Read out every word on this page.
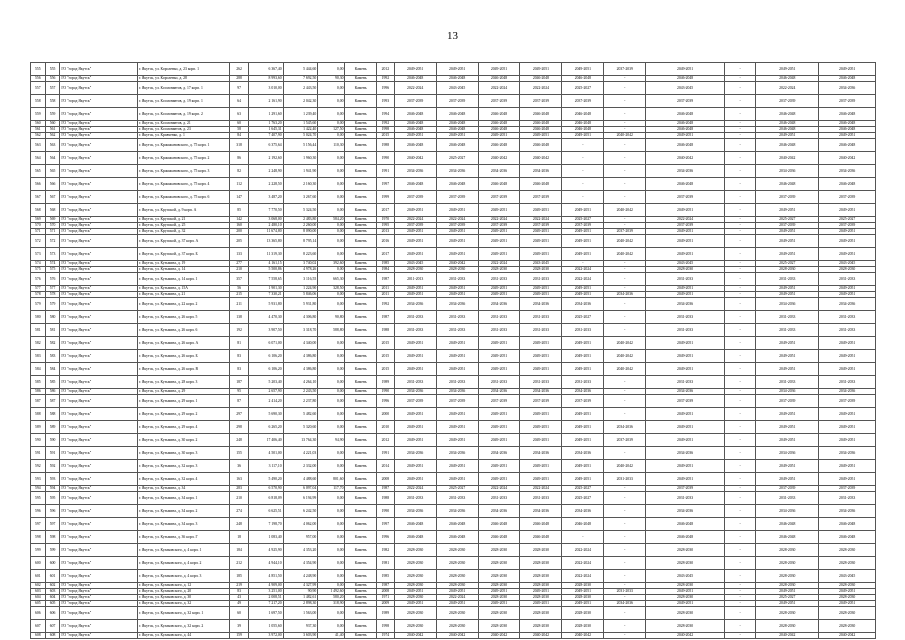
13
555	555	ГО "город Якутск"	г. Якутск, ул. Короленко, д. 23 корп. 1	262	6 367,40	5 444,60	0,00	Камень	2012	2049-2051	2049-2051	2049-2051	2049-2051	2049-2051	2037-2039	2049-2051	-	2049-2051	2049-2051
556	556	ГО "город Якутск"	г. Якутск, ул. Короленко, д. 28	288	8 993,60	7 692,50	90,30	Камень	1992	2046-2048	2046-2048	2046-2048	2046-2048	2046-2048	-	2046-2048	-	2046-2048	2046-2048
557	557	ГО "город Якутск"	г. Якутск, ул. Космонавтов, д. 17 корп. 1	97	3 010,00	2 443,50	0,00	Камень	1996	2022-2024	2043-2045	2022-2024	2022-2024	2025-2027	-	2043-2045	-	2022-2024	2034-2036
558	558	ГО "город Якутск"	г. Якутск, ул. Космонавтов, д. 19 корп. 1	64	2 161,90	2 042,30	0,00	Камень	1993	2037-2039	2037-2039	2037-2039	2037-2039	2037-2039	-	2037-2039	-	2037-2039	2037-2039
559	559	ГО "город Якутск"	г. Якутск, ул. Космонавтов, д. 19 корп. 2	63	1 291,60	1 239,40	0,00	Камень	1994	2046-2048	2046-2048	2046-2048	2046-2048	2046-2048	-	2046-2048	-	2046-2048	2046-2048
560	560	ГО "город Якутск"	г. Якутск, ул. Космонавтов, д. 21	60	1 763,20	1 545,60	0,00	Камень	1992	2046-2048	2046-2048	2046-2048	2046-2048	2046-2048	-	2046-2048	-	2046-2048	2046-2048
561	561	ГО "город Якутск"	г. Якутск, ул. Космонавтов, д. 23	58	1 645,31	1 422,40	127,50	Камень	1998	2046-2048	2046-2048	2046-2048	2046-2048	2046-2048	-	2046-2048	-	2046-2048	2046-2048
562	562	ГО "город Якутск"	г. Якутск, ул. Кравченко, д. 1	84	7 407,90	5 024,70	0,00	Камень	2015	2049-2051	2049-2051	2049-2051	2049-2051	2049-2051	2040-2042	2049-2051	-	2049-2051	2049-2051
563	563	ГО "город Якутск"	г. Якутск, ул. Кржижановского, д. 75 корп. 1	318	6 375,64	5 156,44	110,30	Камень	1988	2046-2048	2046-2048	2046-2048	2046-2048	-	-	2046-2048	-	2046-2048	2046-2048
564	564	ГО "город Якутск"	г. Якутск, ул. Кржижановского, д. 75 корп. 2	86	2 192,60	1 960,30	0,00	Камень	1990	2040-2042	2025-2027	2040-2042	2040-2042	-	-	2040-2042	-	2040-2042	2040-2042
565	565	ГО "город Якутск"	г. Якутск, ул. Кржижановского, д. 75 корп. 3	82	2 248,90	1 941,90	0,00	Камень	1991	2034-2036	2034-2036	2034-2036	2034-2036	-	-	2034-2036	-	2034-2036	2034-2036
566	566	ГО "город Якутск"	г. Якутск, ул. Кржижановского, д. 75 корп. 4	112	2 228,50	2 160,30	0,00	Камень	1997	2046-2048	2046-2048	2046-2048	2046-2048	-	-	2046-2048	-	2046-2048	2046-2048
567	567	ГО "город Якутск"	г. Якутск, ул. Кржижановского, д. 75 корп. 6	147	3 487,20	3 267,60	0,00	Камень	1999	2037-2039	2037-2039	2037-2039	2037-2039	-	-	2037-2039	-	2037-2039	2037-2039
568	568	ГО "город Якутск"	г. Якутск, ул. Крупской, д. 9 корп. А	85	7 770,50	5 324,50	0,00	Камень	2017	2049-2051	2049-2051	2049-2051	2049-2051	2049-2051	2040-2042	2049-2051	-	2049-2051	2049-2051
569	569	ГО "город Якутск"	г. Якутск, ул. Крупской, д. 21	142	3 068,00	2 483,80	584,20	Камень	1970	2022-2024	2022-2024	2022-2024	2022-2024	2025-2027	-	2022-2024	-	2025-2027	2025-2027
570	570	ГО "город Якутск"	г. Якутск, ул. Крупской, д. 25	160	2 480,10	2 260,00	0,00	Камень	1995	2037-2039	2037-2039	2037-2039	2037-2039	2037-2039	-	2037-2039	-	2037-2039	2037-2039
571	571	ГО "город Якутск"	г. Якутск, ул. Крупской, д. 32	200	11 674,80	8 090,00	0,00	Камень	2013	2049-2051	2049-2051	2049-2051	2049-2051	2049-2051	2037-2039	2049-2051	-	2049-2051	2049-2051
572	572	ГО "город Якутск"	г. Якутск, ул. Крупской, д. 37 корп. А	205	13 365,80	8 795,14	0,00	Камень	2016	2049-2051	2049-2051	2049-2051	2049-2051	2049-2051	2040-2042	2049-2051	-	2049-2051	2049-2051
573	573	ГО "город Якутск"	г. Якутск, ул. Крупской, д. 37 корп. Б	133	11 319,30	8 223,60	0,00	Камень	2017	2049-2051	2049-2051	2049-2051	2049-2051	2049-2051	2040-2042	2049-2051	-	2049-2051	2049-2051
574	574	ГО "город Якутск"	г. Якутск, ул. Кузьмина, д. 19	277	4 161,15	3 740,02	392,60	Камень	1985	2043-2045	2040-2042	2022-2024	2043-2045	-	-	2043-2045	-	2025-2027	2043-2045
575	575	ГО "город Якутск"	г. Якутск, ул. Кузьмина, д. 14	210	5 500,86	4 978,26	0,00	Камень	1984	2028-2030	2028-2030	2028-2030	2028-2030	2022-2024	-	2028-2030	-	2028-2030	2028-2030
576	576	ГО "город Якутск"	г. Якутск, ул. Кузьмина, д. 14 корп. 1	357	7 558,65	3 116,55	665,30	Камень	1987	2011-2013	2031-2033	2031-2033	2031-2033	2022-2024	-	2031-2033	-	2031-2033	2031-2033
577	577	ГО "город Якутск"	г. Якутск, ул. Кузьмина, д. 15А	56	1 901,30	1 224,90	328,50	Камень	2011	2049-2051	2049-2051	2049-2051	2049-2051	2049-2051	-	2049-2051	-	2049-2051	2049-2051
578	578	ГО "город Якутск"	г. Якутск, ул. Кузьмина, д. 21	215	7 330,21	5 846,06	0,00	Камень	2011	2049-2051	2049-2051	2049-2051	2049-2051	2049-2051	2034-2036	2049-2051	-	2049-2051	2049-2051
579	579	ГО "город Якутск"	г. Якутск, ул. Кузьмина, д. 22 корп. 2	211	5 931,80	5 931,80	0,00	Камень	1992	2034-2036	2034-2036	2034-2036	2034-2036	2034-2036	-	2034-2036	-	2034-2036	2034-2036
580	580	ГО "город Якутск"	г. Якутск, ул. Кузьмина, д. 26 корп. 5	138	4 470,30	4 306,80	90,80	Камень	1987	2031-2033	2031-2033	2031-2033	2031-2033	2025-2027	-	2031-2033	-	2031-2033	2031-2033
581	581	ГО "город Якутск"	г. Якутск, ул. Кузьмина, д. 26 корп. 6	192	3 907,50	3 318,70	588,80	Камень	1988	2031-2033	2031-2033	2031-2033	2031-2033	2031-2033	-	2031-2033	-	2031-2033	2031-2033
582	582	ГО "город Якутск"	г. Якутск, ул. Кузьмина, д. 26 корп. А	81	6 071,00	4 340,00	0,00	Камень	2015	2049-2051	2049-2051	2049-2051	2049-2051	2049-2051	2040-2042	2049-2051	-	2049-2051	2049-2051
583	583	ГО "город Якутск"	г. Якутск, ул. Кузьмина, д. 26 корп. Б	83	6 106,20	4 386,80	0,00	Камень	2015	2049-2051	2049-2051	2049-2051	2049-2051	2049-2051	2040-2042	2049-2051	-	2049-2051	2049-2051
584	584	ГО "город Якутск"	г. Якутск, ул. Кузьмина, д. 26 корп. В	83	6 106,20	4 386,80	0,00	Камень	2015	2049-2051	2049-2051	2049-2051	2049-2051	2049-2051	2040-2042	2049-2051	-	2049-2051	2049-2051
585	585	ГО "город Якутск"	г. Якутск, ул. Кузьмина, д. 28 корп. 3	187	5 203,40	4 264,10	0,00	Камень	1989	2031-2033	2031-2033	2031-2033	2031-2033	2031-2033	-	2031-2033	-	2031-2033	2031-2033
586	586	ГО "город Якутск"	г. Якутск, ул. Кузьмина, д. 29	95	2 657,90	2 243,50	0,00	Камень	1990	2034-2036	2034-2036	2034-2036	2034-2036	2034-2036	-	2034-2036	-	2034-2036	2034-2036
587	587	ГО "город Якутск"	г. Якутск, ул. Кузьмина, д. 29 корп. 1	87	2 414,20	2 237,80	0,00	Камень	1996	2037-2039	2037-2039	2037-2039	2037-2039	2037-2039	-	2037-2039	-	2037-2039	2037-2039
588	588	ГО "город Якутск"	г. Якутск, ул. Кузьмина, д. 29 корп. 2	297	5 690,30	5 482,60	0,00	Камень	2000	2049-2051	2049-2051	2049-2051	2049-2051	2049-2051	-	2049-2051	-	2049-2051	2049-2051
589	589	ГО "город Якутск"	г. Якутск, ул. Кузьмина, д. 29 корп. 4	298	6 265,20	5 320,60	0,00	Камень	2010	2049-2051	2049-2051	2049-2051	2049-2051	2049-2051	2034-2036	2049-2051	-	2049-2051	2049-2051
590	590	ГО "город Якутск"	г. Якутск, ул. Кузьмина, д. 30 корп. 2	248	17 406,40	13 764,30	94,90	Камень	2012	2049-2051	2049-2051	2049-2051	2049-2051	2049-2051	2037-2039	2049-2051	-	2049-2051	2049-2051
591	591	ГО "город Якутск"	г. Якутск, ул. Кузьмина, д. 30 корп. 3	155	4 501,00	4 221,03	0,00	Камень	1991	2034-2036	2034-2036	2034-2036	2034-2036	2034-2036	-	2034-2036	-	2034-2036	2034-2036
592	592	ГО "город Якутск"	г. Якутск, ул. Кузьмина, д. 32 корп. 3	36	3 117,10	2 332,00	0,00	Камень	2014	2049-2051	2049-2051	2049-2051	2049-2051	2049-2051	2040-2042	2049-2051	-	2049-2051	2049-2051
593	593	ГО "город Якутск"	г. Якутск, ул. Кузьмина, д. 32 корп. 4	163	5 490,20	4 488,60	801,60	Камень	2008	2049-2051	2049-2051	2049-2051	2049-2051	2049-2051	2031-2033	2049-2051	-	2049-2051	2049-2051
594	594	ГО "город Якутск"	г. Якутск, ул. Кузьмина, д. 34	283	6 570,90	6 097,04	117,70	Камень	1987	2022-2024	2025-2027	2022-2024	2022-2024	2025-2027	-	2037-2039	-	2037-2039	2037-2039
595	595	ГО "город Якутск"	г. Якутск, ул. Кузьмина, д. 34 корп. 1	210	6 818,09	6 194,99	0,00	Камень	1988	2031-2033	2031-2033	2031-2033	2031-2033	2025-2027	-	2031-2033	-	2031-2033	2031-2033
596	596	ГО "город Якутск"	г. Якутск, ул. Кузьмина, д. 34 корп. 2	274	6 625,51	6 242,50	0,00	Камень	1990	2034-2036	2034-2036	2034-2036	2034-2036	2034-2036	-	2034-2036	-	2034-2036	2034-2036
597	597	ГО "город Якутск"	г. Якутск, ул. Кузьмина, д. 34 корп. 3	248	7 198,70	4 062,00	0,00	Камень	1997	2046-2048	2046-2048	2046-2048	2046-2048	2046-2048	-	2046-2048	-	2046-2048	2046-2048
598	598	ГО "город Якутск"	г. Якутск, ул. Кузьмина, д. 36 корп. Г	18	1 083,40	957,00	0,00	Камень	1996	2046-2048	2046-2048	2046-2048	2046-2048	-	-	2046-2048	-	2046-2048	2046-2048
599	599	ГО "город Якутск"	г. Якутск, ул. Кулаковского, д. 4 корп. 1	184	4 925,90	4 353,20	0,00	Камень	1982	2028-2030	2028-2030	2028-2030	2028-2030	2022-2024	-	2028-2030	-	2028-2030	2028-2030
600	600	ГО "город Якутск"	г. Якутск, ул. Кулаковского, д. 4 корп. 2	212	4 944,10	4 354,90	0,00	Камень	1981	2028-2030	2028-2030	2028-2030	2028-2030	2022-2024	-	2028-2030	-	2028-2030	2028-2030
601	601	ГО "город Якутск"	г. Якутск, ул. Кулаковского, д. 4 корп. 3	185	4 851,50	4 248,90	0,00	Камень	1985	2028-2030	2028-2030	2028-2030	2028-2030	2022-2024	-	2043-2045	-	2028-2030	2043-2045
602	602	ГО "город Якутск"	г. Якутск, ул. Кулаковского, д. 12	219	4 909,00	4 327,99	0,00	Камень	1987	2028-2030	2028-2030	2028-2030	2028-2030	2028-2030	-	2028-2030	-	2028-2030	2028-2030
603	603	ГО "город Якутск"	г. Якутск, ул. Кулаковского, д. 20	83	3 251,00	90,90	1 492,60	Камень	2008	2049-2051	2049-2051	2049-2051	2049-2051	2049-2051	2031-2033	2049-2051	-	2049-2051	2049-2051
604	604	ГО "город Якутск"	г. Якутск, ул. Кулаковского, д. 30	43	2 008,51	1 482,61	580,20	Камень	1971	2028-2030	2022-2024	2028-2030	2028-2030	2028-2030	-	2028-2030	-	2025-2027	2028-2030
605	605	ГО "город Якутск"	г. Якутск, ул. Кулаковского, д. 32	49	7 217,20	2 898,30	318,90	Камень	2009	2049-2051	2049-2051	2049-2051	2049-2051	2049-2051	2034-2036	2049-2051	-	2049-2051	2049-2051
606	606	ГО "город Якутск"	г. Якутск, ул. Кулаковского, д. 32 корп. 1	60	1 697,50	1 563,00	0,00	Камень	1989	2028-2030	2028-2030	2028-2030	2028-2030	2028-2030	-	2028-2030	-	2028-2030	2028-2030
607	607	ГО "город Якутск"	г. Якутск, ул. Кулаковского, д. 32 корп. 2	39	1 055,60	937,30	0,00	Камень	1998	2028-2030	2028-2030	2028-2030	2028-2030	2028-2030	-	2028-2030	-	2028-2030	2028-2030
608	608	ГО "город Якутск"	г. Якутск, ул. Кулаковского, д. 44	159	3 972,00	3 603,90	41,40	Камень	1974	2040-2042	2040-2042	2040-2042	2040-2042	2040-2042	-	2040-2042	-	2040-2042	2040-2042
